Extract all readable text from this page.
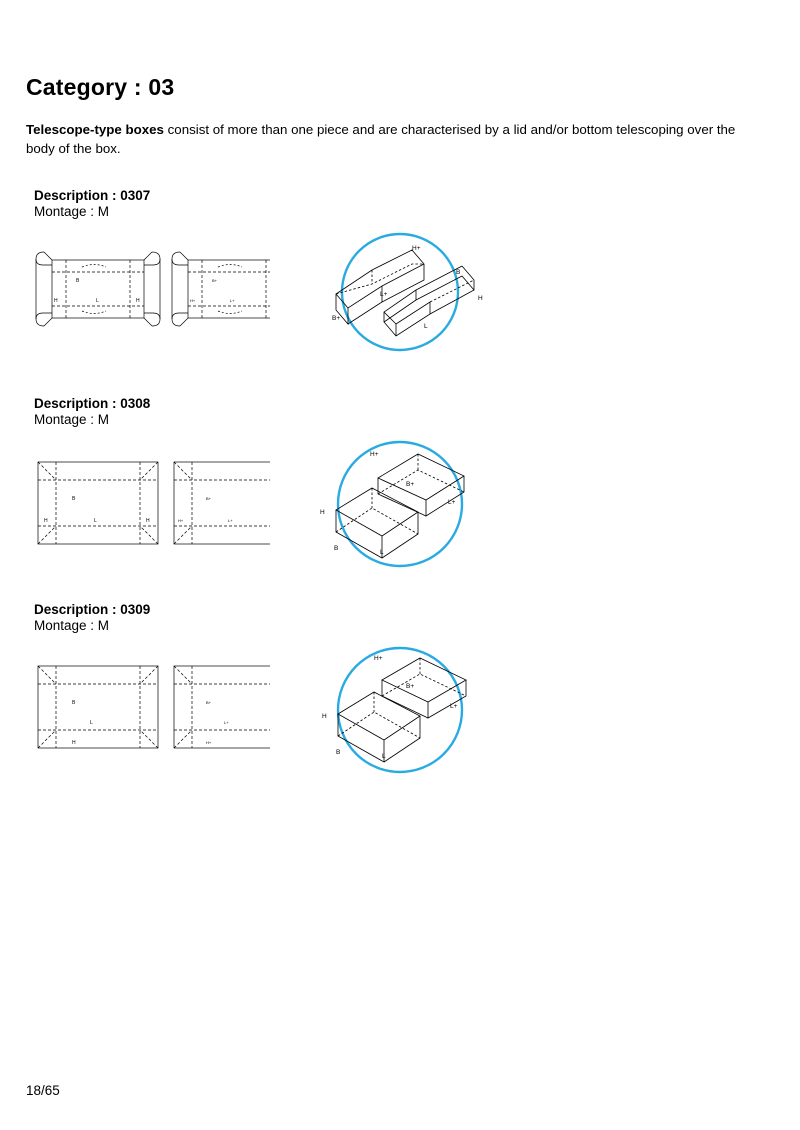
Category : 03
Telescope-type boxes consist of more than one piece and are characterised by a lid and/or bottom telescoping over the body of the box.

Description : 0307

Montage : M

B
L
H	H
B+
L+
H+
H+
B+
B
H
L
L+

Description : 0308

Montage : M

B
L
H	H
B+
L+
H+
H+
B+
B
H
L
L+

Description : 0309

Montage : M

B
L
H
B+
L+
H+
H+
B+
B
H
L
L+
18/65
